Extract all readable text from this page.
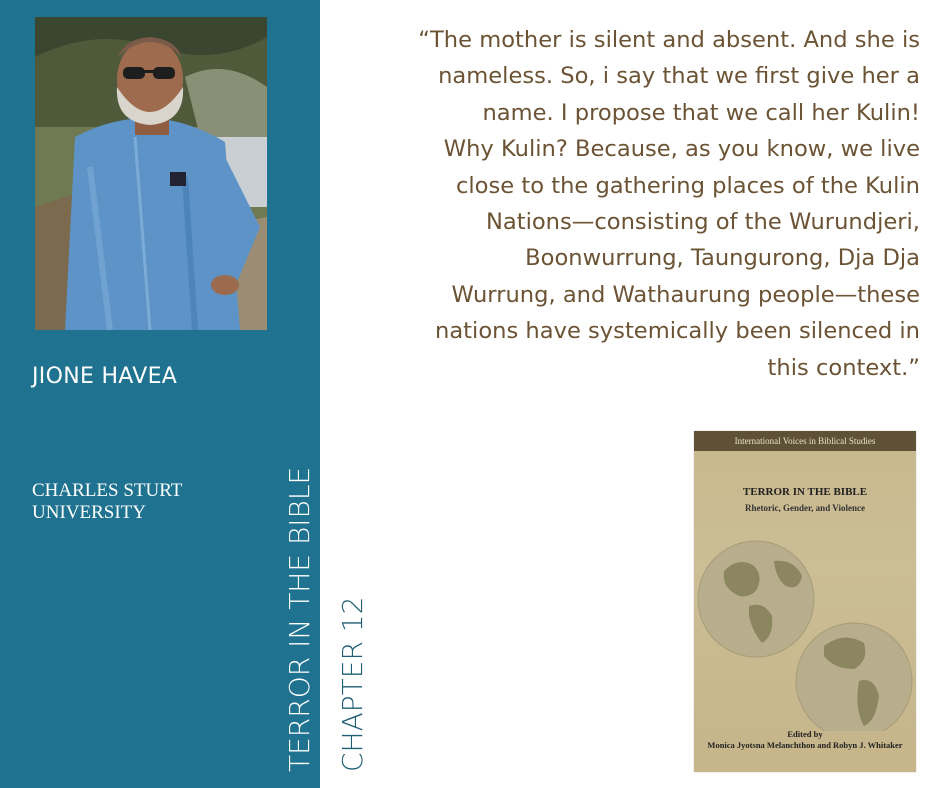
JIONE HAVEA
CHARLES STURT UNIVERSITY	TERROR IN THE BIBLE CHAPTER 12
“The mother is silent and absent. And she is
nameless. So, i say that we first give her a
name. I propose that we call her Kulin!
Why Kulin? Because, as you know, we live
close to the gathering places of the Kulin
Nations—consisting of the Wurundjeri,
Boonwurrung, Taungurong, Dja Dja
Wurrung, and Wathaurung people—these
nations have systemically been silenced in
this context.”
International Voices in Biblical Studies
TERROR IN THE BIBLE
Rhetoric, Gender, and Violence
Edited by
Monica Jyotsna Melanchthon and Robyn J. Whitaker
